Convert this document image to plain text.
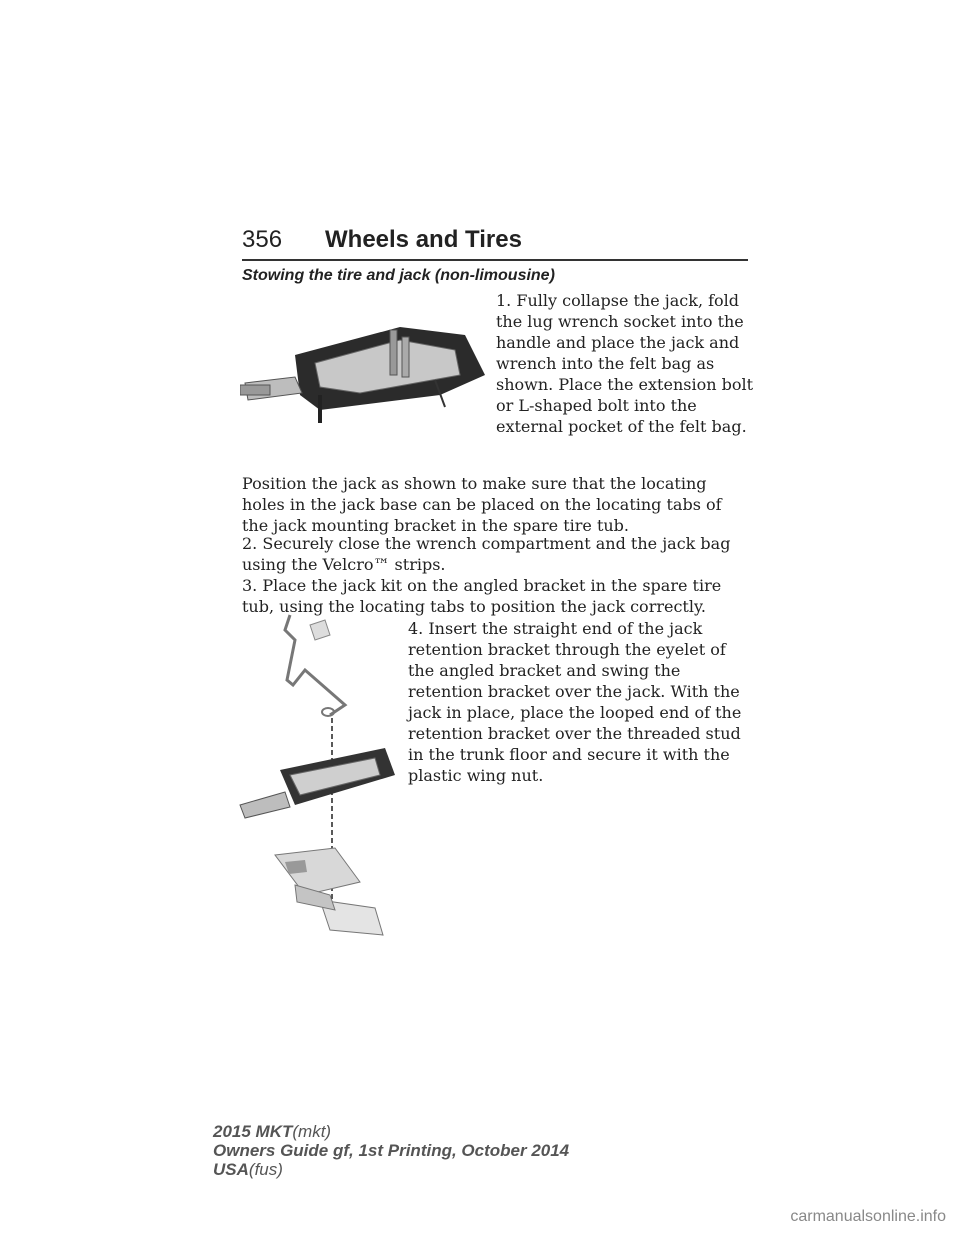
356 Wheels and Tires
Stowing the tire and jack (non-limousine)
1. Fully collapse the jack, fold the lug wrench socket into the handle and place the jack and wrench into the felt bag as shown. Place the extension bolt or L-shaped bolt into the external pocket of the felt bag.
Position the jack as shown to make sure that the locating holes in the jack base can be placed on the locating tabs of the jack mounting bracket in the spare tire tub.
2. Securely close the wrench compartment and the jack bag using the Velcro™ strips.
3. Place the jack kit on the angled bracket in the spare tire tub, using the locating tabs to position the jack correctly.
4. Insert the straight end of the jack retention bracket through the eyelet of the angled bracket and swing the retention bracket over the jack. With the jack in place, place the looped end of the retention bracket over the threaded stud in the trunk floor and secure it with the plastic wing nut.
2015 MKT(mkt)
Owners Guide gf, 1st Printing, October 2014
USA(fus)
carmanualsonline.info
